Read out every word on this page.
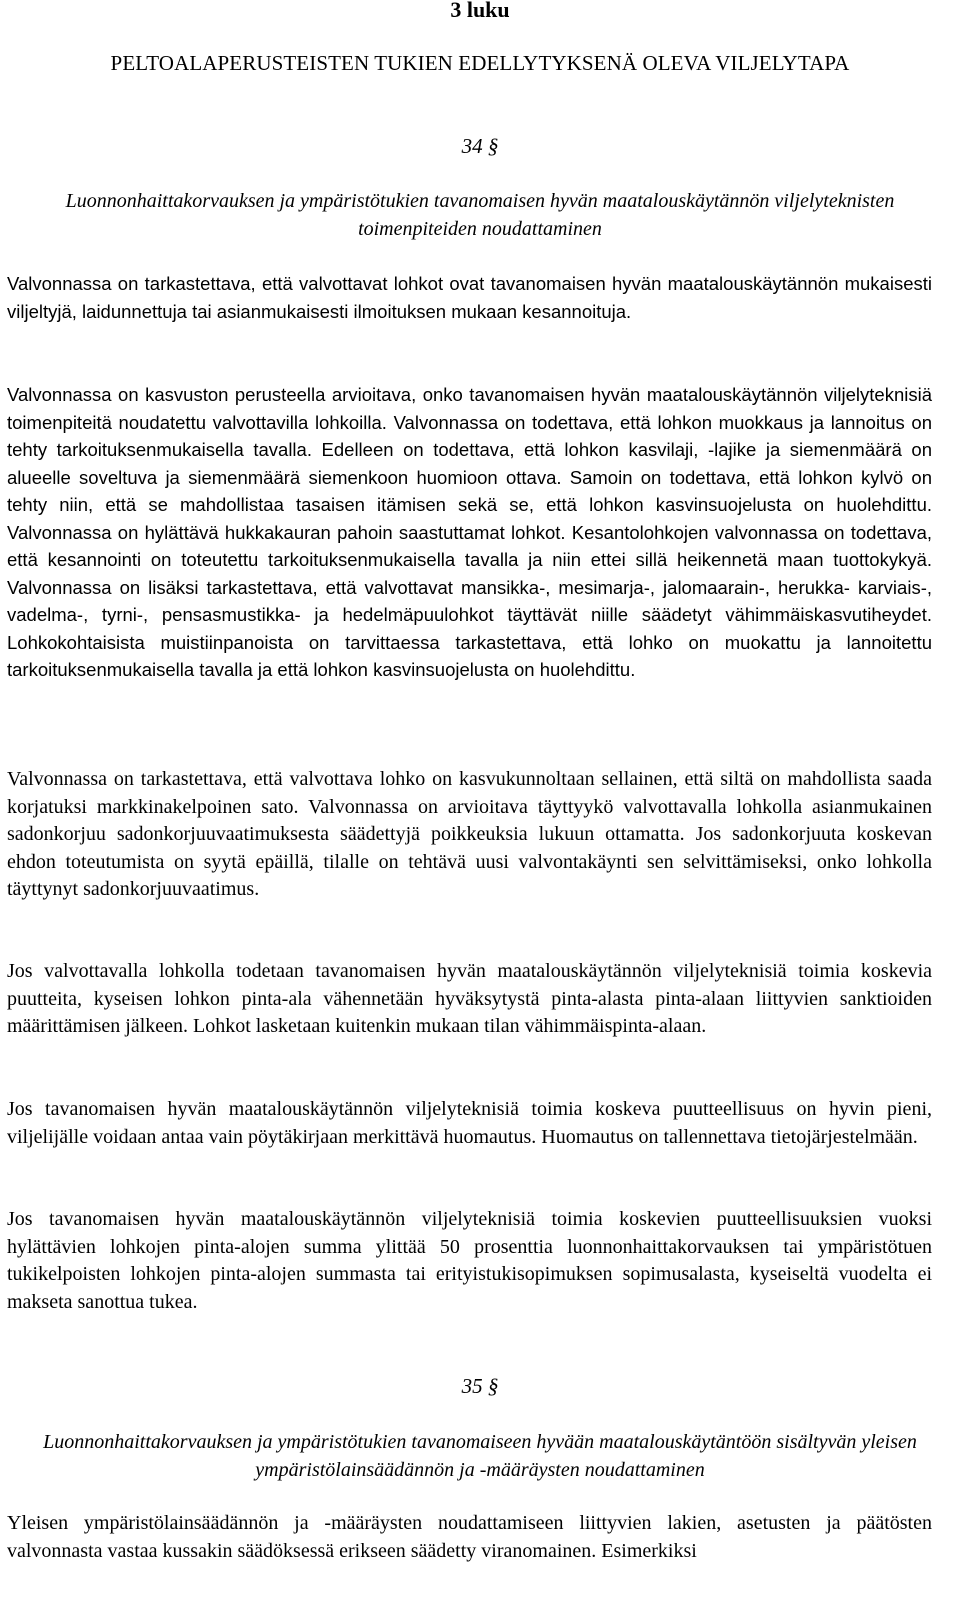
3 luku
PELTOALAPERUSTEISTEN TUKIEN EDELLYTYKSENÄ OLEVA VILJELYTAPA
34 §
Luonnonhaittakorvauksen ja ympäristötukien tavanomaisen hyvän maatalouskäytännön viljelyteknisten toimenpiteiden noudattaminen

Valvonnassa on tarkastettava, että valvottavat lohkot ovat tavanomaisen hyvän maatalouskäytännön mukaisesti viljeltyjä, laidunnettuja tai asianmukaisesti ilmoituksen mukaan kesannoituja.

Valvonnassa on kasvuston perusteella arvioitava, onko tavanomaisen hyvän maatalouskäytännön viljelyteknisiä toimenpiteitä noudatettu valvottavilla lohkoilla. Valvonnassa on todettava, että lohkon muokkaus ja lannoitus on tehty tarkoituksenmukaisella tavalla. Edelleen on todettava, että lohkon kasvilaji, -lajike ja siemenmäärä on alueelle soveltuva ja siemenmäärä siemenkoon huomioon ottava. Samoin on todettava, että lohkon kylvö on tehty niin, että se mahdollistaa tasaisen itämisen sekä se, että lohkon kasvinsuojelusta on huolehdittu. Valvonnassa on hylättävä hukkakauran pahoin saastuttamat lohkot. Kesantolohkojen valvonnassa on todettava, että kesannointi on toteutettu tarkoituksenmukaisella tavalla ja niin ettei sillä heikennetä maan tuottokykyä. Valvonnassa on lisäksi tarkastettava, että valvottavat mansikka-, mesimarja-, jalomaarain-, herukka- karviais-, vadelma-, tyrni-, pensasmustikka- ja hedelmäpuulohkot täyttävät niille säädetyt vähimmäiskasvutiheydet. Lohkokohtaisista muistiinpanoista on tarvittaessa tarkastettava, että lohko on muokattu ja lannoitettu tarkoituksenmukaisella tavalla ja että lohkon kasvinsuojelusta on huolehdittu.

Valvonnassa on tarkastettava, että valvottava lohko on kasvukunnoltaan sellainen, että siltä on mahdollista saada korjatuksi markkinakelpoinen sato. Valvonnassa on arvioitava täyttyykö valvottavalla lohkolla asianmukainen sadonkorjuu sadonkorjuuvaatimuksesta säädettyjä poikkeuksia lukuun ottamatta. Jos sadonkorjuuta koskevan ehdon toteutumista on syytä epäillä, tilalle on tehtävä uusi valvontakäynti sen selvittämiseksi, onko lohkolla täyttynyt sadonkorjuuvaatimus.

Jos valvottavalla lohkolla todetaan tavanomaisen hyvän maatalouskäytännön viljelyteknisiä toimia koskevia puutteita, kyseisen lohkon pinta-ala vähennetään hyväksytystä pinta-alasta pinta-alaan liittyvien sanktioiden määrittämisen jälkeen. Lohkot lasketaan kuitenkin mukaan tilan vähimmäispinta-alaan.

Jos tavanomaisen hyvän maatalouskäytännön viljelyteknisiä toimia koskeva puutteellisuus on hyvin pieni, viljelijälle voidaan antaa vain pöytäkirjaan merkittävä huomautus. Huomautus on tallennettava tietojärjestelmään.

Jos tavanomaisen hyvän maatalouskäytännön viljelyteknisiä toimia koskevien puutteellisuuksien vuoksi hylättävien lohkojen pinta-alojen summa ylittää 50 prosenttia luonnonhaittakorvauksen tai ympäristötuen tukikelpoisten lohkojen pinta-alojen summasta tai erityistukisopimuksen sopimusalasta, kyseiseltä vuodelta ei makseta sanottua tukea.

35 §
Luonnonhaittakorvauksen ja ympäristötukien tavanomaiseen hyvään maatalouskäytäntöön sisältyvän yleisen ympäristölainsäädännön ja -määräysten noudattaminen

Yleisen ympäristölainsäädännön ja -määräysten noudattamiseen liittyvien lakien, asetusten ja päätösten valvonnasta vastaa kussakin säädöksessä erikseen säädetty viranomainen. Esimerkiksi
